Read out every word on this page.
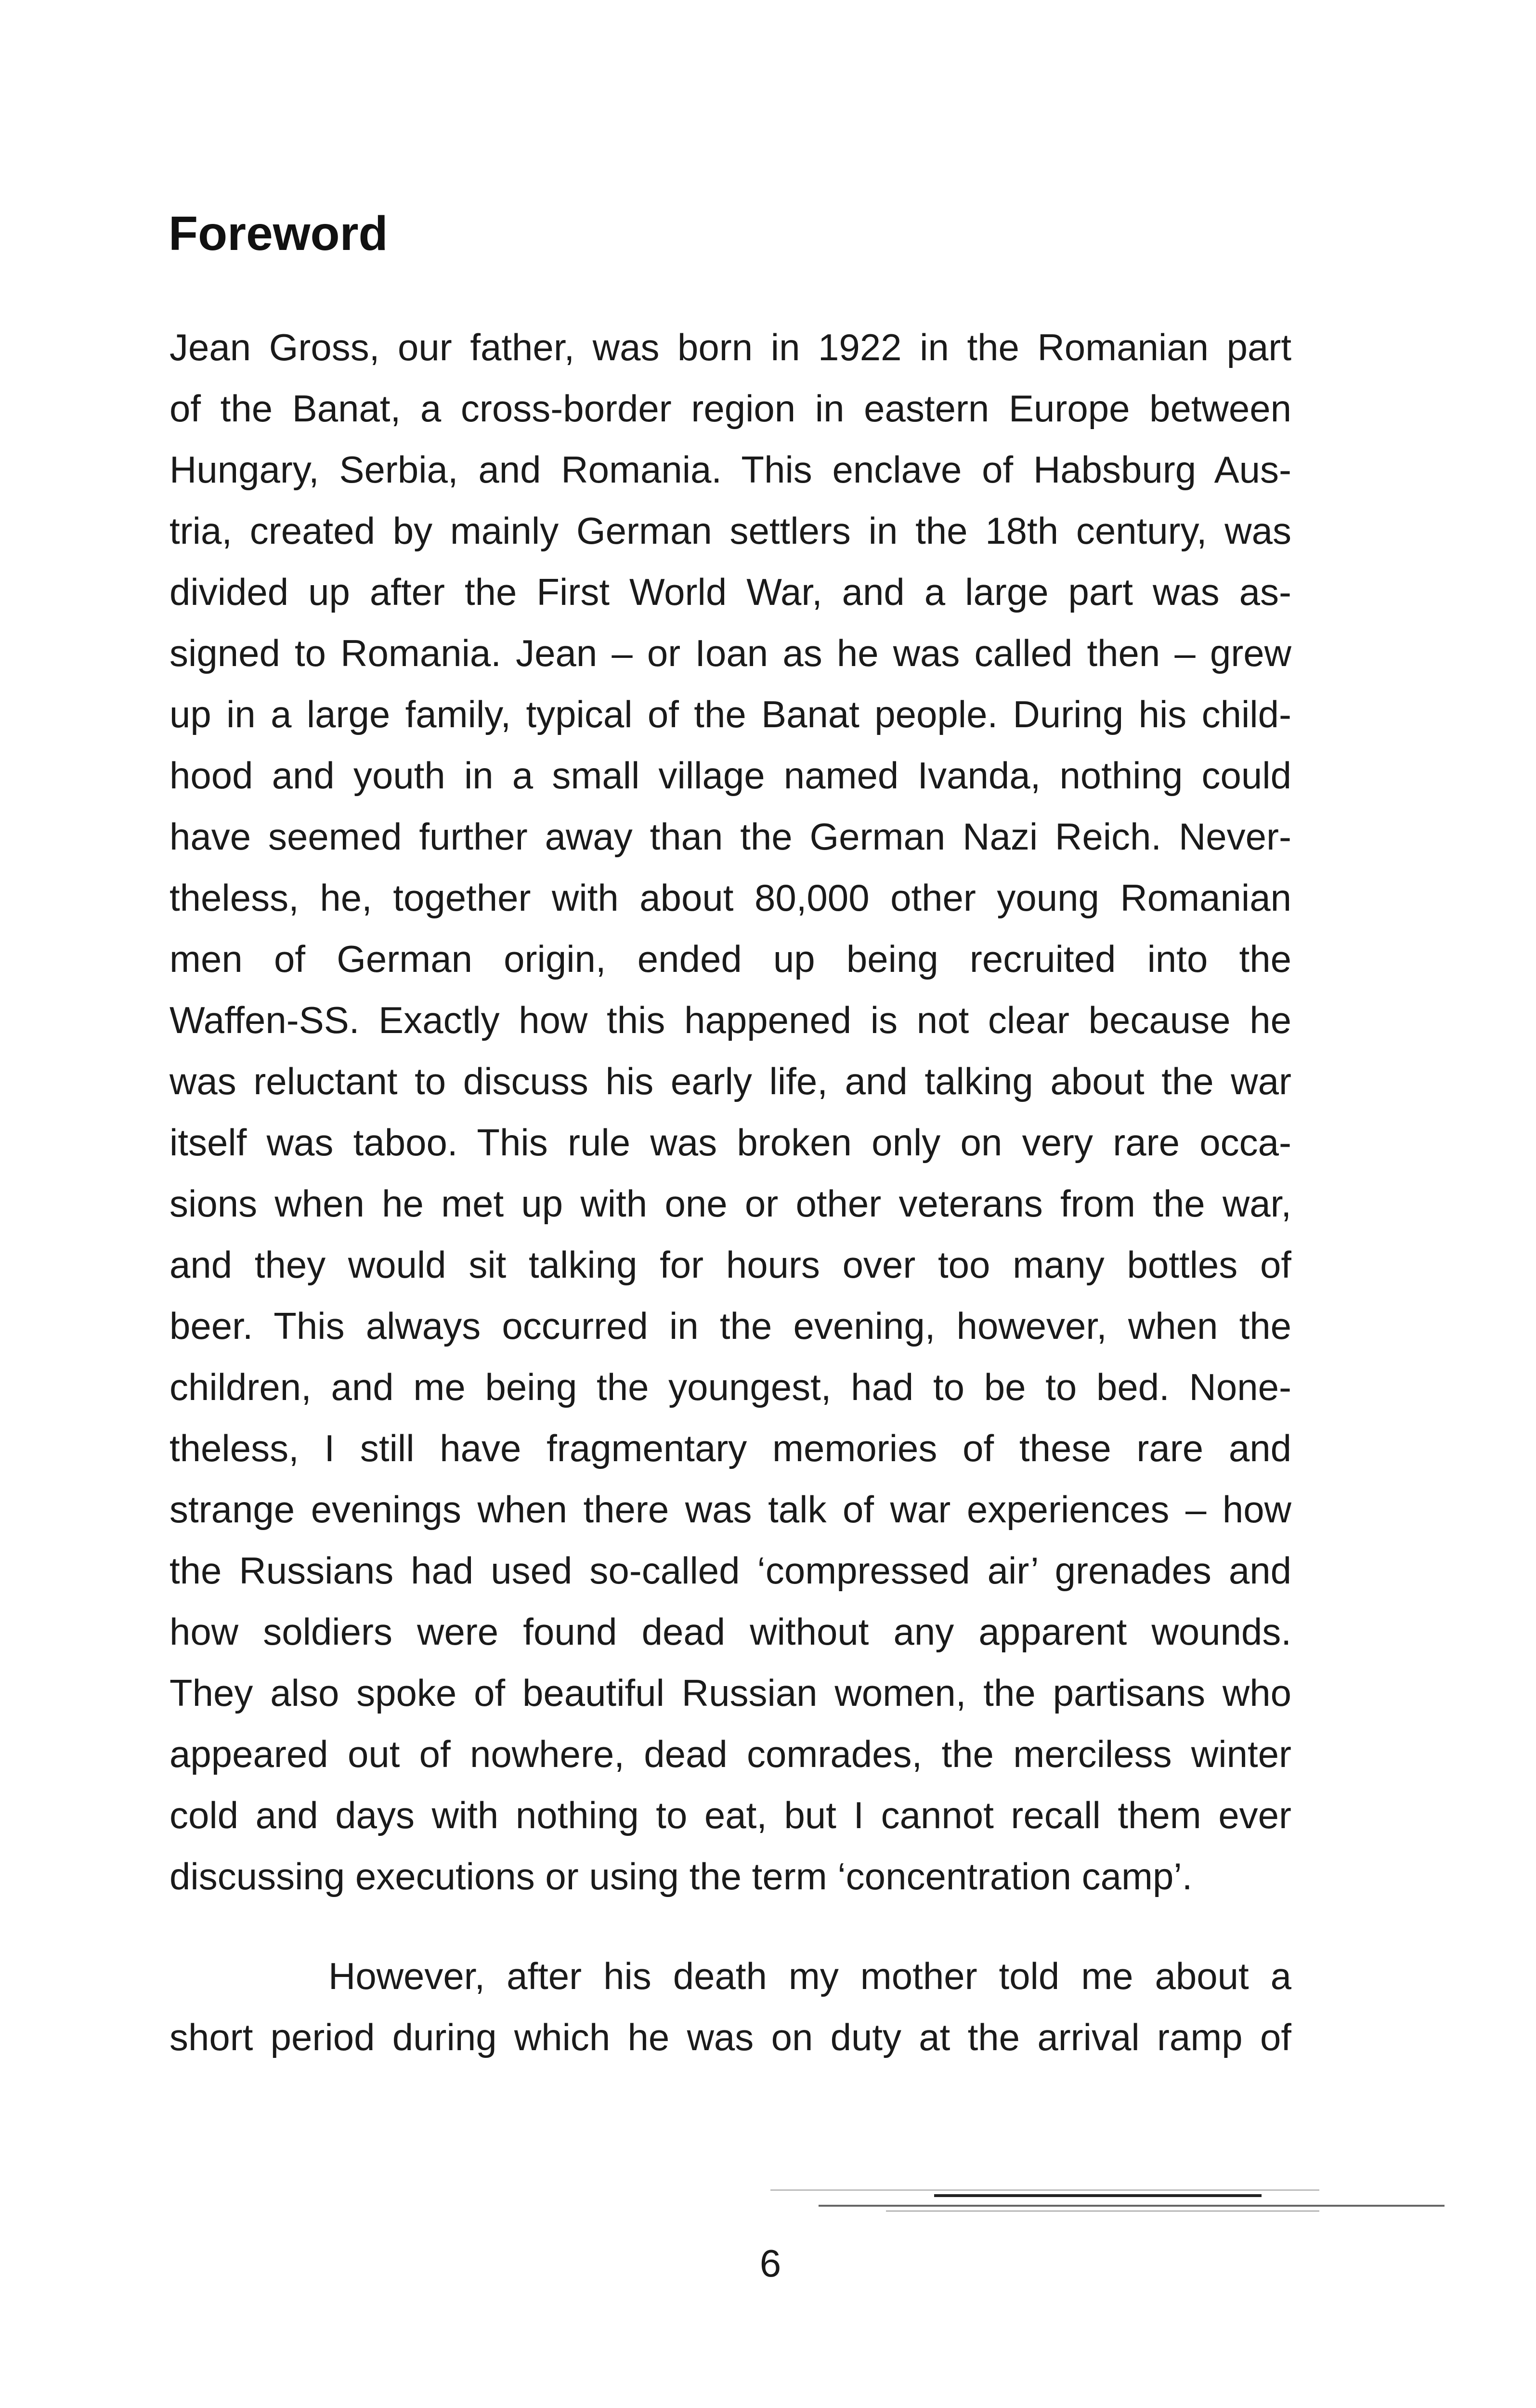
Foreword
Jean Gross, our father, was born in 1922 in the Romanian part
of the Banat, a cross-border region in eastern Europe between
Hungary, Serbia, and Romania. This enclave of Habsburg Aus-
tria, created by mainly German settlers in the 18th century, was
divided up after the First World War, and a large part was as-
signed to Romania. Jean – or Ioan as he was called then – grew
up in a large family, typical of the Banat people. During his child-
hood and youth in a small village named Ivanda, nothing could
have seemed further away than the German Nazi Reich. Never-
theless, he, together with about 80,000 other young Romanian
men of German origin, ended up being recruited into the
Waffen-SS. Exactly how this happened is not clear because he
was reluctant to discuss his early life, and talking about the war
itself was taboo. This rule was broken only on very rare occa-
sions when he met up with one or other veterans from the war,
and they would sit talking for hours over too many bottles of
beer. This always occurred in the evening, however, when the
children, and me being the youngest, had to be to bed. None-
theless, I still have fragmentary memories of these rare and
strange evenings when there was talk of war experiences – how
the Russians had used so-called ‘compressed air’ grenades and
how soldiers were found dead without any apparent wounds.
They also spoke of beautiful Russian women, the partisans who
appeared out of nowhere, dead comrades, the merciless winter
cold and days with nothing to eat, but I cannot recall them ever
discussing executions or using the term ‘concentration camp’.
However, after his death my mother told me about a
short period during which he was on duty at the arrival ramp of
6
